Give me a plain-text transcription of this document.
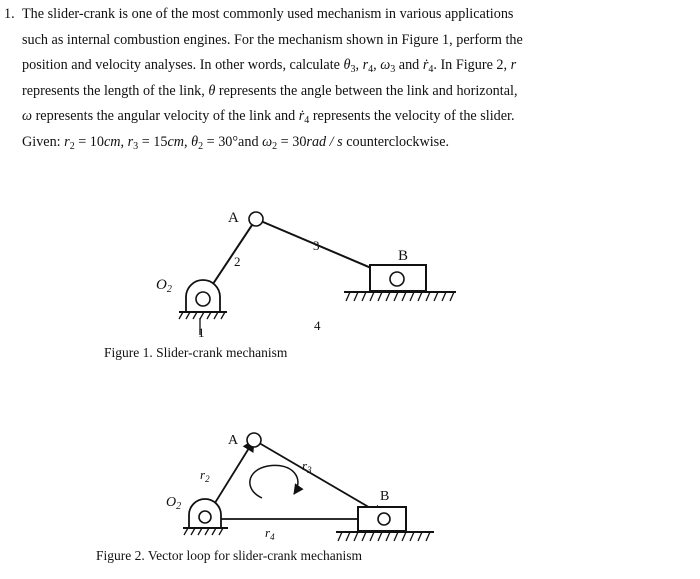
1. The slider-crank is one of the most commonly used mechanism in various applications
such as internal combustion engines. For the mechanism shown in Figure 1, perform the
position and velocity analyses. In other words, calculate $\theta_3$, $r_4$, $\omega_3$ and ṙ$_4$. In Figure 2, r
represents the length of the link, θ represents the angle between the link and horizontal,
ω represents the angular velocity of the link and ṙ$_4$ represents the velocity of the slider.
Given: $r_2 = 10cm$, $r_3 = 15cm$, $\theta_2 = 30^\circ and$ $\omega_2 = 30rad / s$ counterclockwise.
A
$O_2$
B
2
3
1	4
Figure 1. Slider-crank mechanism
A
$O_2$
B
$r_2$
$r_3$
$r_4$
Figure 2. Vector loop for slider-crank mechanism
